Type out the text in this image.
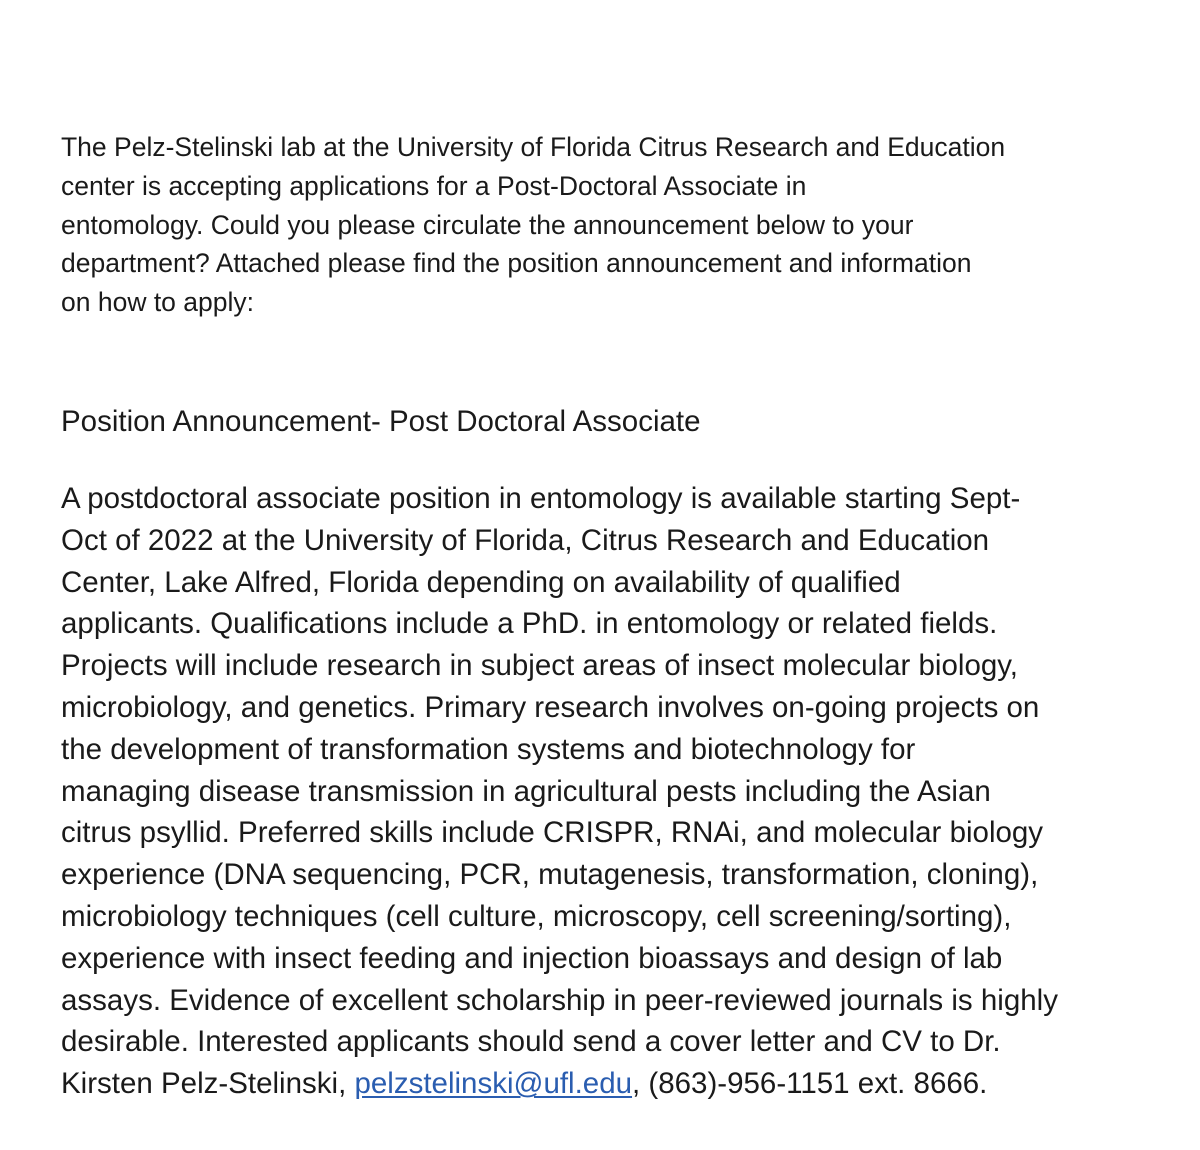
The Pelz-Stelinski lab at the University of Florida Citrus Research and Education
center is accepting applications for a Post-Doctoral Associate in
entomology. Could you please circulate the announcement below to your
department? Attached please find the position announcement and information
on how to apply:

Position Announcement- Post Doctoral Associate

A postdoctoral associate position in entomology is available starting Sept-
Oct of 2022 at the University of Florida, Citrus Research and Education
Center, Lake Alfred, Florida depending on availability of qualified
applicants. Qualifications include a PhD. in entomology or related fields.
Projects will include research in subject areas of insect molecular biology,
microbiology, and genetics. Primary research involves on-going projects on
the development of transformation systems and biotechnology for
managing disease transmission in agricultural pests including the Asian
citrus psyllid. Preferred skills include CRISPR, RNAi, and molecular biology
experience (DNA sequencing, PCR, mutagenesis, transformation, cloning),
microbiology techniques (cell culture, microscopy, cell screening/sorting),
experience with insect feeding and injection bioassays and design of lab
assays. Evidence of excellent scholarship in peer-reviewed journals is highly
desirable. Interested applicants should send a cover letter and CV to Dr.
Kirsten Pelz-Stelinski, pelzstelinski@ufl.edu, (863)-956-1151 ext. 8666.
